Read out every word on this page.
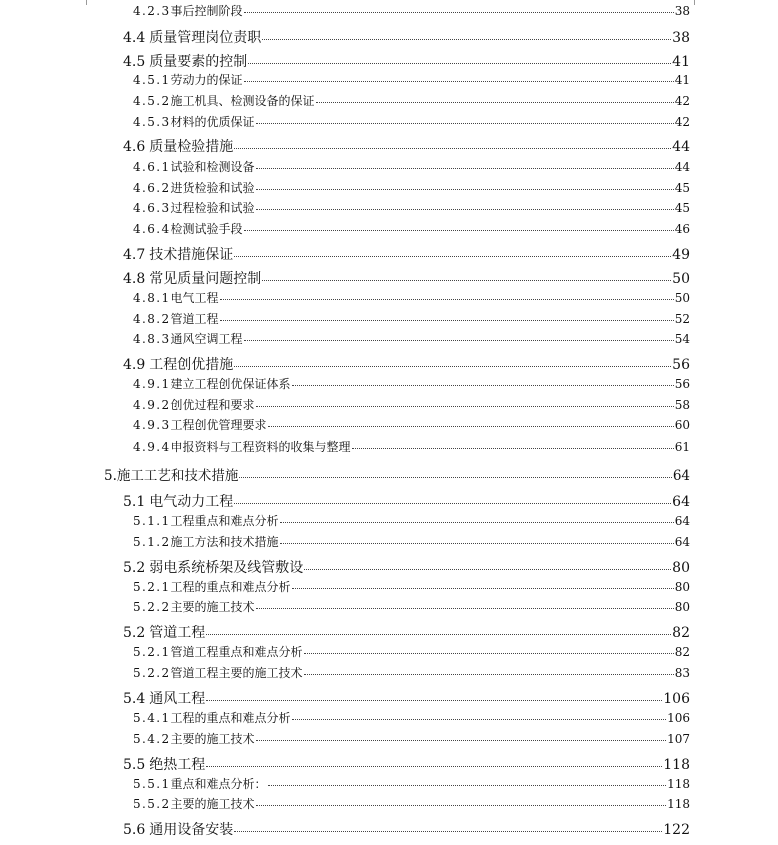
4.2.3 事后控制阶段	38
4.4 质量管理岗位责职	38
4.5 质量要素的控制	41
4.5.1 劳动力的保证	41
4.5.2 施工机具、检测设备的保证	42
4.5.3 材料的优质保证	42
4.6 质量检验措施	44
4.6.1 试验和检测设备	44
4.6.2 进货检验和试验	45
4.6.3 过程检验和试验	45
4.6.4 检测试验手段	46
4.7 技术措施保证	49
4.8 常见质量问题控制	50
4.8.1 电气工程	50
4.8.2 管道工程	52
4.8.3 通风空调工程	54
4.9 工程创优措施	56
4.9.1 建立工程创优保证体系	56
4.9.2 创优过程和要求	58
4.9.3 工程创优管理要求	60
4.9.4 申报资料与工程资料的收集与整理	61
5. 施工工艺和技术措施	64
5.1 电气动力工程	64
5.1.1 工程重点和难点分析	64
5.1.2 施工方法和技术措施	64
5.2 弱电系统桥架及线管敷设	80
5.2.1 工程的重点和难点分析	80
5.2.2 主要的施工技术	80
5.2 管道工程	82
5.2.1 管道工程重点和难点分析	82
5.2.2 管道工程主要的施工技术	83
5.4 通风工程	106
5.4.1 工程的重点和难点分析	106
5.4.2 主要的施工技术	107
5.5 绝热工程	118
5.5.1 重点和难点分析：	118
5.5.2 主要的施工技术	118
5.6 通用设备安装	122
